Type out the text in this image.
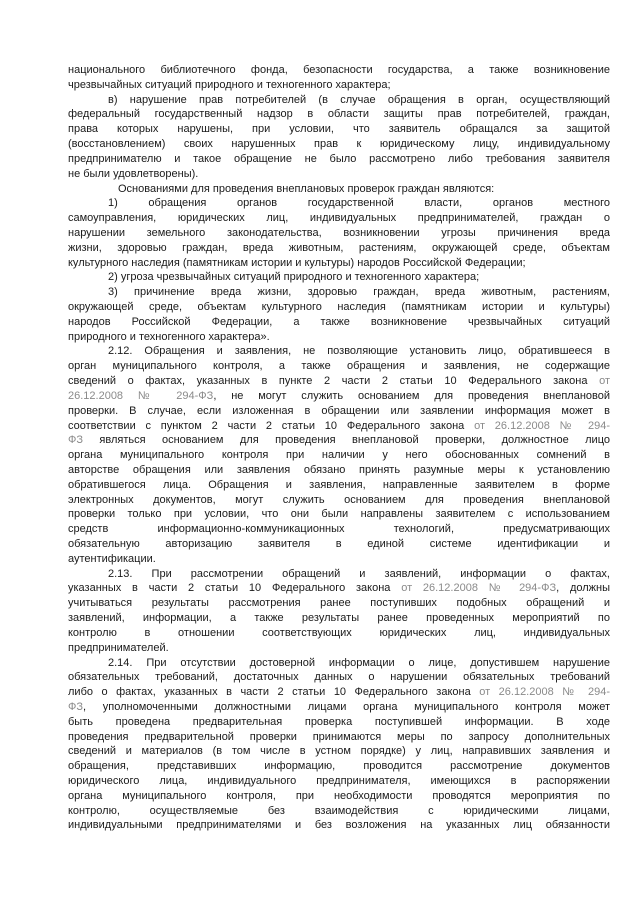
национального библиотечного фонда, безопасности государства, а также возникновение
чрезвычайных ситуаций природного и техногенного характера;
в) нарушение прав потребителей (в случае обращения в орган, осуществляющий
федеральный государственный надзор в области защиты прав потребителей, граждан,
права которых нарушены, при условии, что заявитель обращался за защитой
(восстановлением) своих нарушенных прав к юридическому лицу, индивидуальному
предпринимателю и такое обращение не было рассмотрено либо требования заявителя
не были удовлетворены).
Основаниями для проведения внеплановых проверок граждан являются:
1) обращения органов государственной власти, органов местного
самоуправления, юридических лиц, индивидуальных предпринимателей, граждан о
нарушении земельного законодательства, возникновении угрозы причинения вреда
жизни, здоровью граждан, вреда животным, растениям, окружающей среде, объектам
культурного наследия (памятникам истории и культуры) народов Российской Федерации;
2) угроза чрезвычайных ситуаций природного и техногенного характера;
3) причинение вреда жизни, здоровью граждан, вреда животным, растениям,
окружающей среде, объектам культурного наследия (памятникам истории и культуры)
народов Российской Федерации, а также возникновение чрезвычайных ситуаций
природного и техногенного характера».
2.12. Обращения и заявления, не позволяющие установить лицо, обратившееся в
орган муниципального контроля, а также обращения и заявления, не содержащие
сведений о фактах, указанных в пункте 2 части 2 статьи 10 Федерального закона от
26.12.2008 № 294-ФЗ, не могут служить основанием для проведения внеплановой
проверки. В случае, если изложенная в обращении или заявлении информация может в
соответствии с пунктом 2 части 2 статьи 10 Федерального закона от 26.12.2008 № 294-
ФЗ являться основанием для проведения внеплановой проверки, должностное лицо
органа муниципального контроля при наличии у него обоснованных сомнений в
авторстве обращения или заявления обязано принять разумные меры к установлению
обратившегося лица. Обращения и заявления, направленные заявителем в форме
электронных документов, могут служить основанием для проведения внеплановой
проверки только при условии, что они были направлены заявителем с использованием
средств информационно-коммуникационных технологий, предусматривающих
обязательную авторизацию заявителя в единой системе идентификации и
аутентификации.
2.13. При рассмотрении обращений и заявлений, информации о фактах,
указанных в части 2 статьи 10 Федерального закона от 26.12.2008 № 294-ФЗ, должны
учитываться результаты рассмотрения ранее поступивших подобных обращений и
заявлений, информации, а также результаты ранее проведенных мероприятий по
контролю в отношении соответствующих юридических лиц, индивидуальных
предпринимателей.
2.14. При отсутствии достоверной информации о лице, допустившем нарушение
обязательных требований, достаточных данных о нарушении обязательных требований
либо о фактах, указанных в части 2 статьи 10 Федерального закона от 26.12.2008 № 294-
ФЗ, уполномоченными должностными лицами органа муниципального контроля может
быть проведена предварительная проверка поступившей информации. В ходе
проведения предварительной проверки принимаются меры по запросу дополнительных
сведений и материалов (в том числе в устном порядке) у лиц, направивших заявления и
обращения, представивших информацию, проводится рассмотрение документов
юридического лица, индивидуального предпринимателя, имеющихся в распоряжении
органа муниципального контроля, при необходимости проводятся мероприятия по
контролю, осуществляемые без взаимодействия с юридическими лицами,
индивидуальными предпринимателями и без возложения на указанных лиц обязанности
